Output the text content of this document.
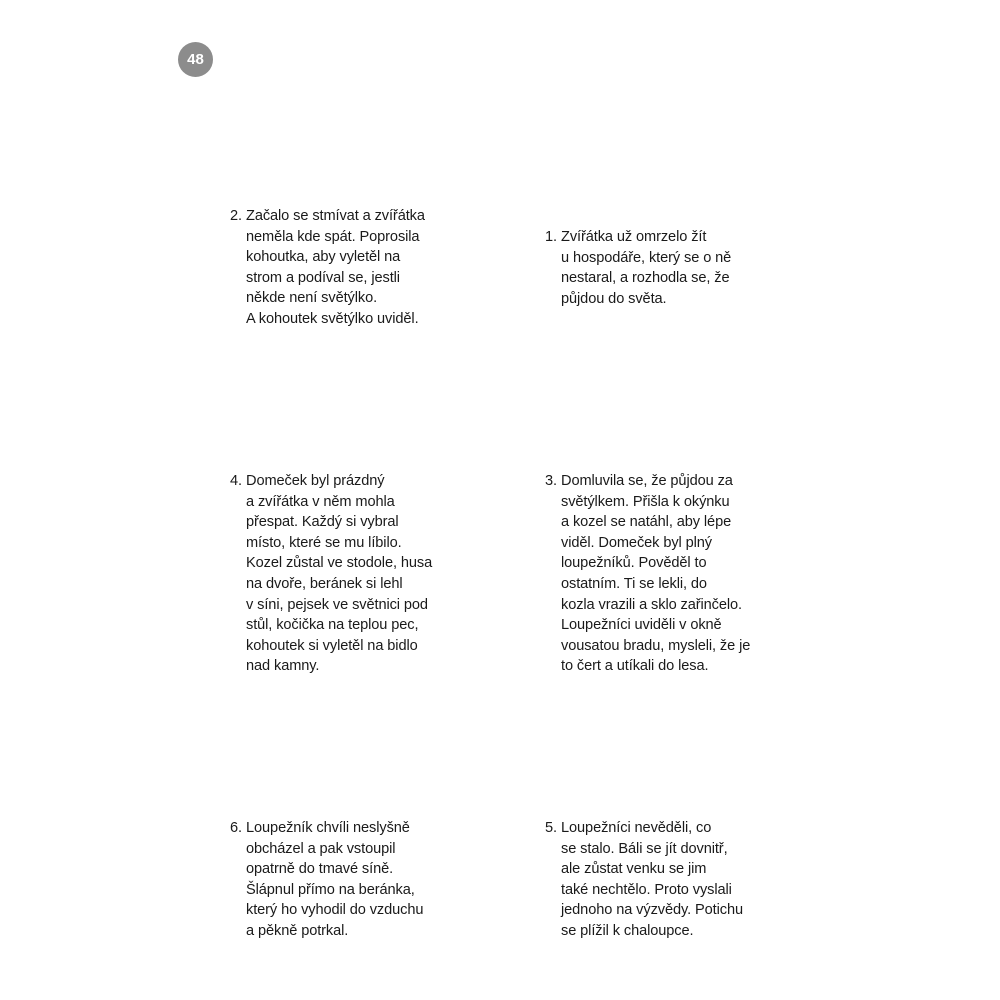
48
2. Začalo se stmívat a zvířátka
neměla kde spát. Poprosila
kohoutka, aby vyletěl na
strom a podíval se, jestli
někde není světýlko.
A kohoutek světýlko uviděl.
1. Zvířátka už omrzelo žít
u hospodáře, který se o ně
nestaral, a rozhodla se, že
půjdou do světa.
4. Domeček byl prázdný
a zvířátka v něm mohla
přespat. Každý si vybral
místo, které se mu líbilo.
Kozel zůstal ve stodole, husa
na dvoře, beránek si lehl
v síni, pejsek ve světnici pod
stůl, kočička na teplou pec,
kohoutek si vyletěl na bidlo
nad kamny.
3. Domluvila se, že půjdou za
světýlkem. Přišla k okýnku
a kozel se natáhl, aby lépe
viděl. Domeček byl plný
loupežníků. Pověděl to
ostatním. Ti se lekli, do
kozla vrazili a sklo zařinčelo.
Loupežníci uviděli v okně
vousatou bradu, mysleli, že je
to čert a utíkali do lesa.
6. Loupežník chvíli neslyšně
obcházel a pak vstoupil
opatrně do tmavé síně.
Šlápnul přímo na beránka,
který ho vyhodil do vzduchu
a pěkně potrkal.
5. Loupežníci nevěděli, co
se stalo. Báli se jít dovnitř,
ale zůstat venku se jim
také nechtělo. Proto vyslali
jednoho na výzvědy. Potichu
se plížil k chaloupce.
